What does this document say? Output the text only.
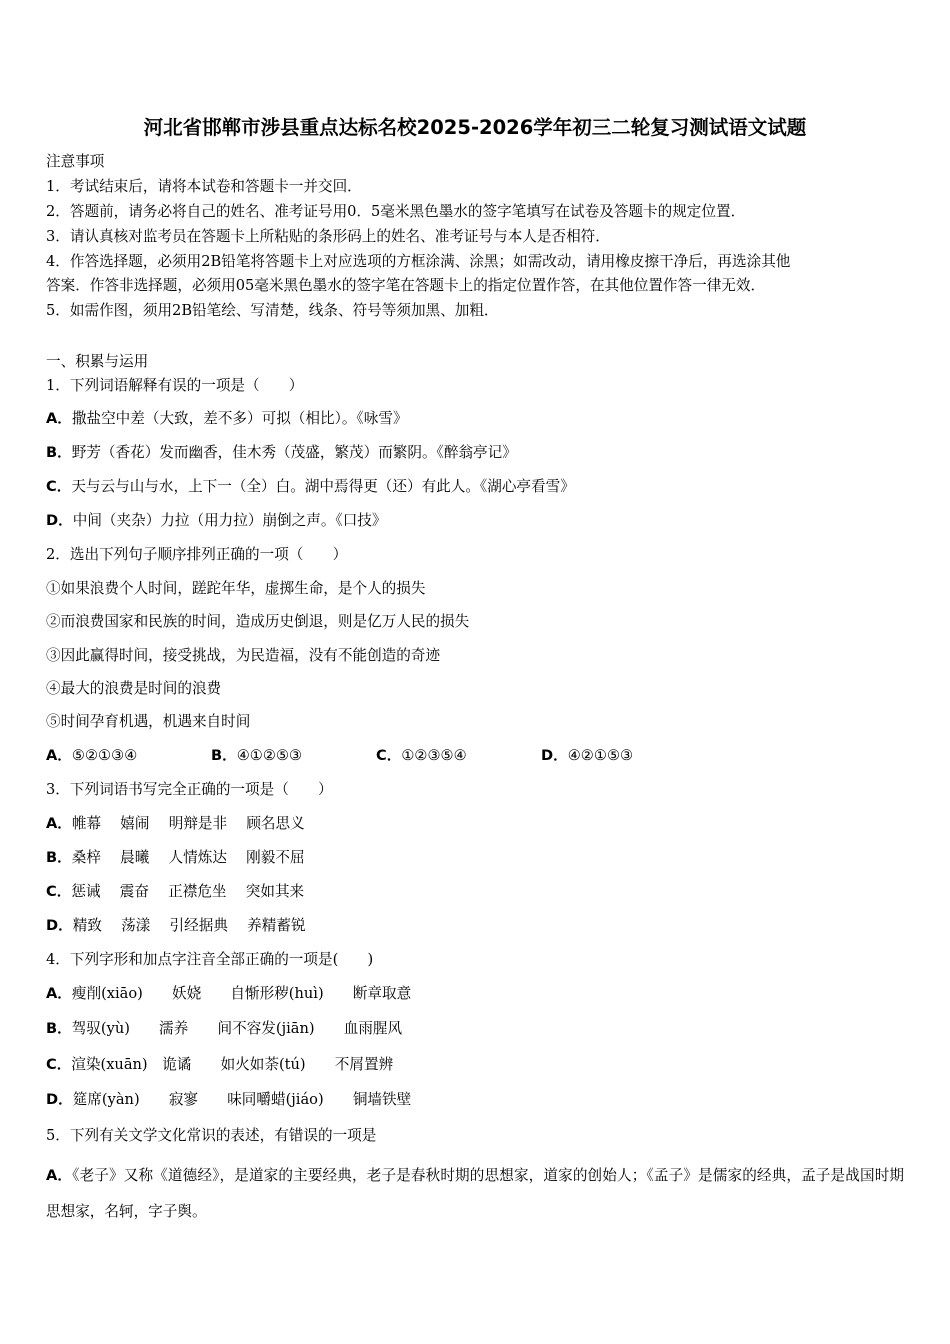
河北省邯郸市涉县重点达标名校2025-2026学年初三二轮复习测试语文试题
注意事项
1．考试结束后，请将本试卷和答题卡一并交回．
2．答题前，请务必将自己的姓名、准考证号用0．5毫米黑色墨水的签字笔填写在试卷及答题卡的规定位置．
3．请认真核对监考员在答题卡上所粘贴的条形码上的姓名、准考证号与本人是否相符．
4．作答选择题，必须用2B铅笔将答题卡上对应选项的方框涂满、涂黑；如需改动，请用橡皮擦干净后，再选涂其他
答案．作答非选择题，必须用05毫米黑色墨水的签字笔在答题卡上的指定位置作答，在其他位置作答一律无效．
5．如需作图，须用2B铅笔绘、写清楚，线条、符号等须加黑、加粗．
一、积累与运用
1．下列词语解释有误的一项是（　　）
A．撒盐空中差（大致，差不多）可拟（相比）。《咏雪》
B．野芳（香花）发而幽香，佳木秀（茂盛，繁茂）而繁阴。《醉翁亭记》
C．天与云与山与水，上下一（全）白。湖中焉得更（还）有此人。《湖心亭看雪》
D．中间（夹杂）力拉（用力拉）崩倒之声。《口技》
2．选出下列句子顺序排列正确的一项（　　）
①如果浪费个人时间，蹉跎年华，虚掷生命，是个人的损失
②而浪费国家和民族的时间，造成历史倒退，则是亿万人民的损失
③因此赢得时间，接受挑战，为民造福，没有不能创造的奇迹
④最大的浪费是时间的浪费
⑤时间孕育机遇，机遇来自时间
A．⑤②①③④	B．④①②⑤③	C．①②③⑤④	D．④②①⑤③
3．下列词语书写完全正确的一项是（　　）
A．帷幕　 嬉闹　 明辩是非　 顾名思义
B．桑梓　 晨曦　 人情炼达　 刚毅不屈
C．惩诫　 震奋　 正襟危坐　 突如其来
D．精致　 荡漾　 引经据典　 养精蓄锐
4．下列字形和加点字注音全部正确的一项是(　　)
A．瘦削(xiāo)　　妖娆　　自惭形秽(huì)　　断章取意
B．驾驭(yù)　　濡养　　间不容发(jiān)　　血雨腥风
C．渲染(xuān)　诡谲　　如火如荼(tú)　　不屑置辨
D．筵席(yàn)　　寂寥　　味同嚼蜡(jiáo)　　铜墙铁壁
5．下列有关文学文化常识的表述，有错误的一项是
A．《老子》又称《道德经》，是道家的主要经典，老子是春秋时期的思想家，道家的创始人；《孟子》是儒家的经典，孟子是战国时期思想家，名轲，字子舆。
